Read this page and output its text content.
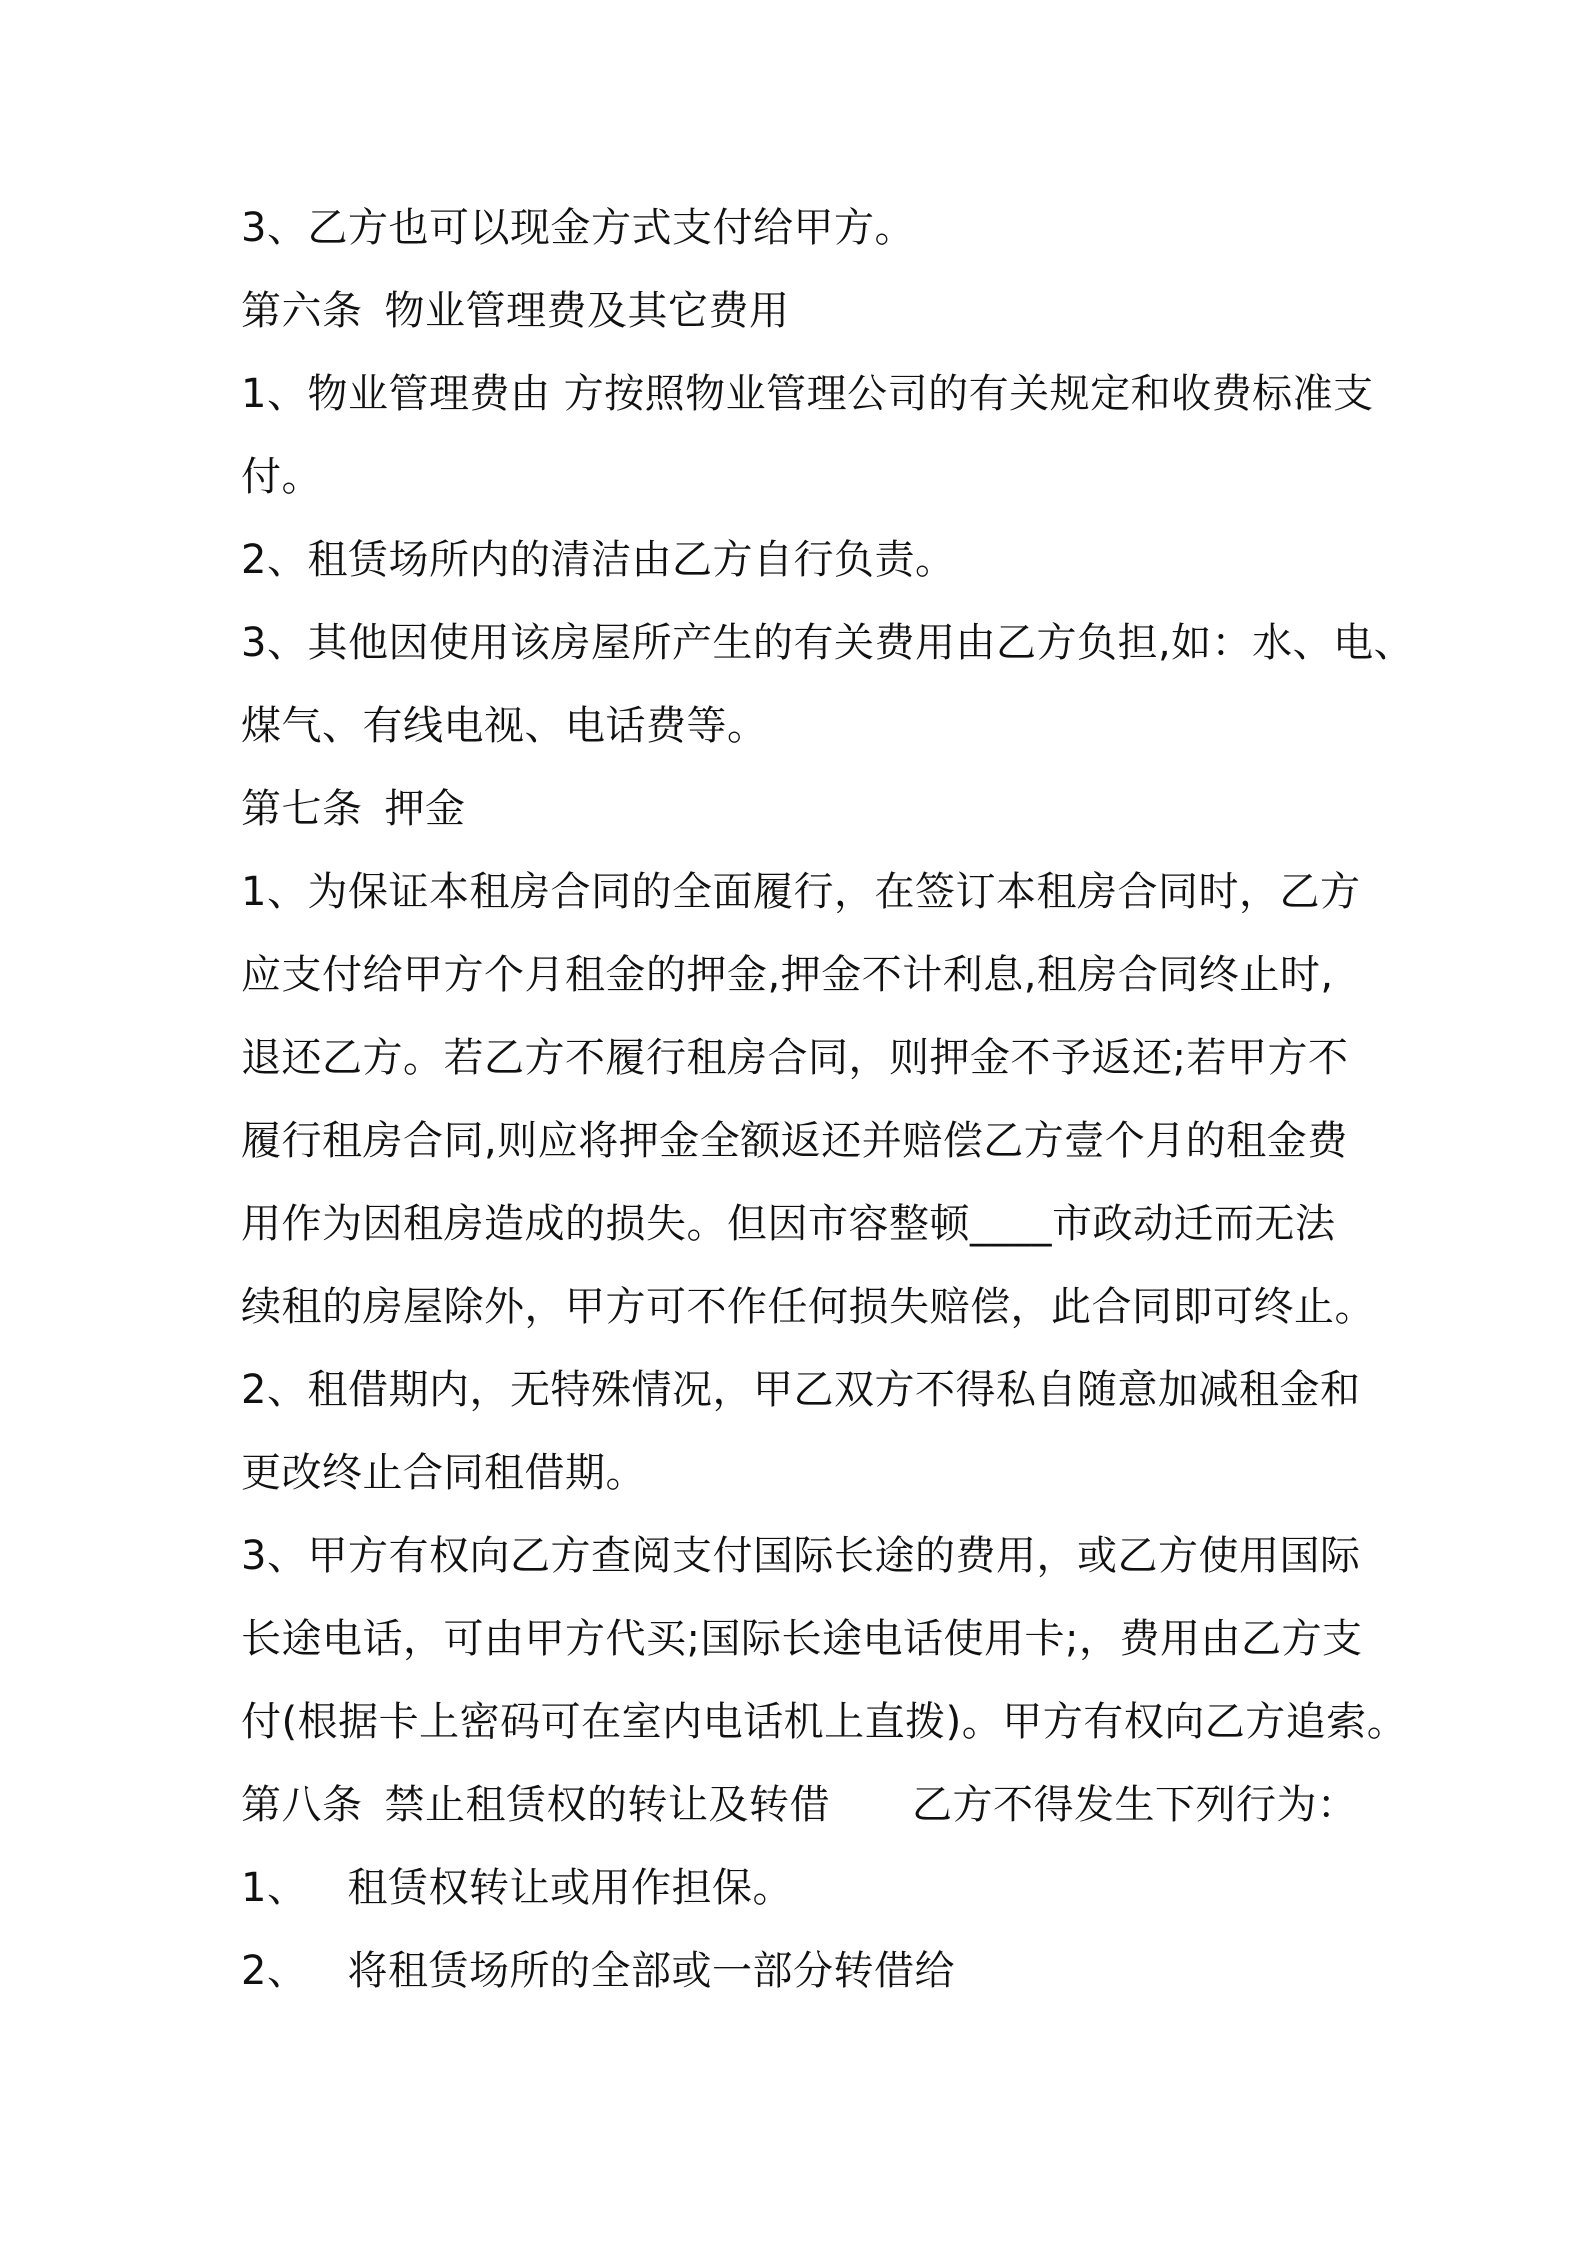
3、乙方也可以现金方式支付给甲方。
第六条 物业管理费及其它费用
1、物业管理费由 方按照物业管理公司的有关规定和收费标准支
付。
2、租赁场所内的清洁由乙方自行负责。
3、其他因使用该房屋所产生的有关费用由乙方负担,如：水、电、
煤气、有线电视、电话费等。
第七条 押金
1、为保证本租房合同的全面履行，在签订本租房合同时，乙方
应支付给甲方个月租金的押金,押金不计利息,租房合同终止时,
退还乙方。若乙方不履行租房合同，则押金不予返还;若甲方不
履行租房合同,则应将押金全额返还并赔偿乙方壹个月的租金费
用作为因租房造成的损失。但因市容整顿____市政动迁而无法
续租的房屋除外，甲方可不作任何损失赔偿，此合同即可终止。
2、租借期内，无特殊情况，甲乙双方不得私自随意加减租金和
更改终止合同租借期。
3、甲方有权向乙方查阅支付国际长途的费用，或乙方使用国际
长途电话，可由甲方代买;国际长途电话使用卡;，费用由乙方支
付(根据卡上密码可在室内电话机上直拨)。甲方有权向乙方追索。
第八条 禁止租赁权的转让及转借 乙方不得发生下列行为：
1、 租赁权转让或用作担保。
2、 将租赁场所的全部或一部分转借给
